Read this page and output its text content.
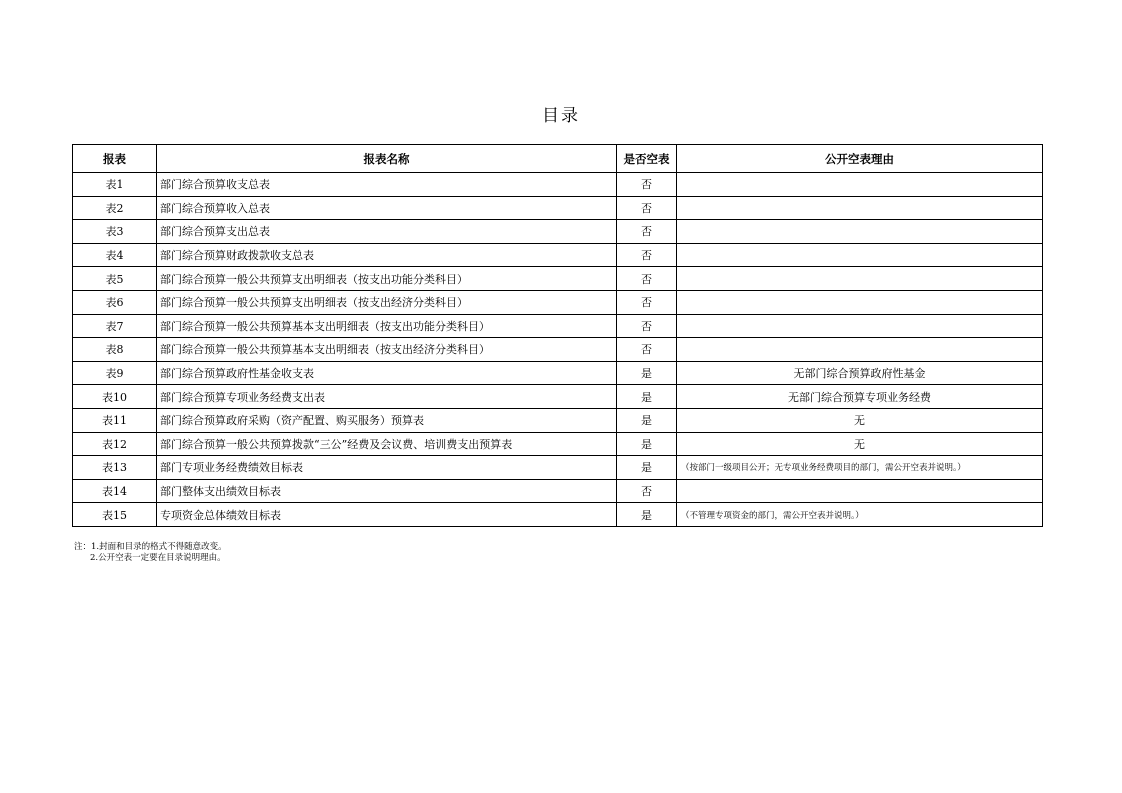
目录
报表	报表名称	是否空表	公开空表理由
表1	部门综合预算收支总表	否	
表2	部门综合预算收入总表	否	
表3	部门综合预算支出总表	否	
表4	部门综合预算财政拨款收支总表	否	
表5	部门综合预算一般公共预算支出明细表（按支出功能分类科目）	否	
表6	部门综合预算一般公共预算支出明细表（按支出经济分类科目）	否	
表7	部门综合预算一般公共预算基本支出明细表（按支出功能分类科目）	否	
表8	部门综合预算一般公共预算基本支出明细表（按支出经济分类科目）	否	
表9	部门综合预算政府性基金收支表	是	无部门综合预算政府性基金
表10	部门综合预算专项业务经费支出表	是	无部门综合预算专项业务经费
表11	部门综合预算政府采购（资产配置、购买服务）预算表	是	无
表12	部门综合预算一般公共预算拨款“三公”经费及会议费、培训费支出预算表	是	无
表13	部门专项业务经费绩效目标表	是	（按部门一级项目公开；无专项业务经费项目的部门，需公开空表并说明。）
表14	部门整体支出绩效目标表	否	
表15	专项资金总体绩效目标表	是	（不管理专项资金的部门，需公开空表并说明。）
注：1.封面和目录的格式不得随意改变。
2.公开空表一定要在目录说明理由。
